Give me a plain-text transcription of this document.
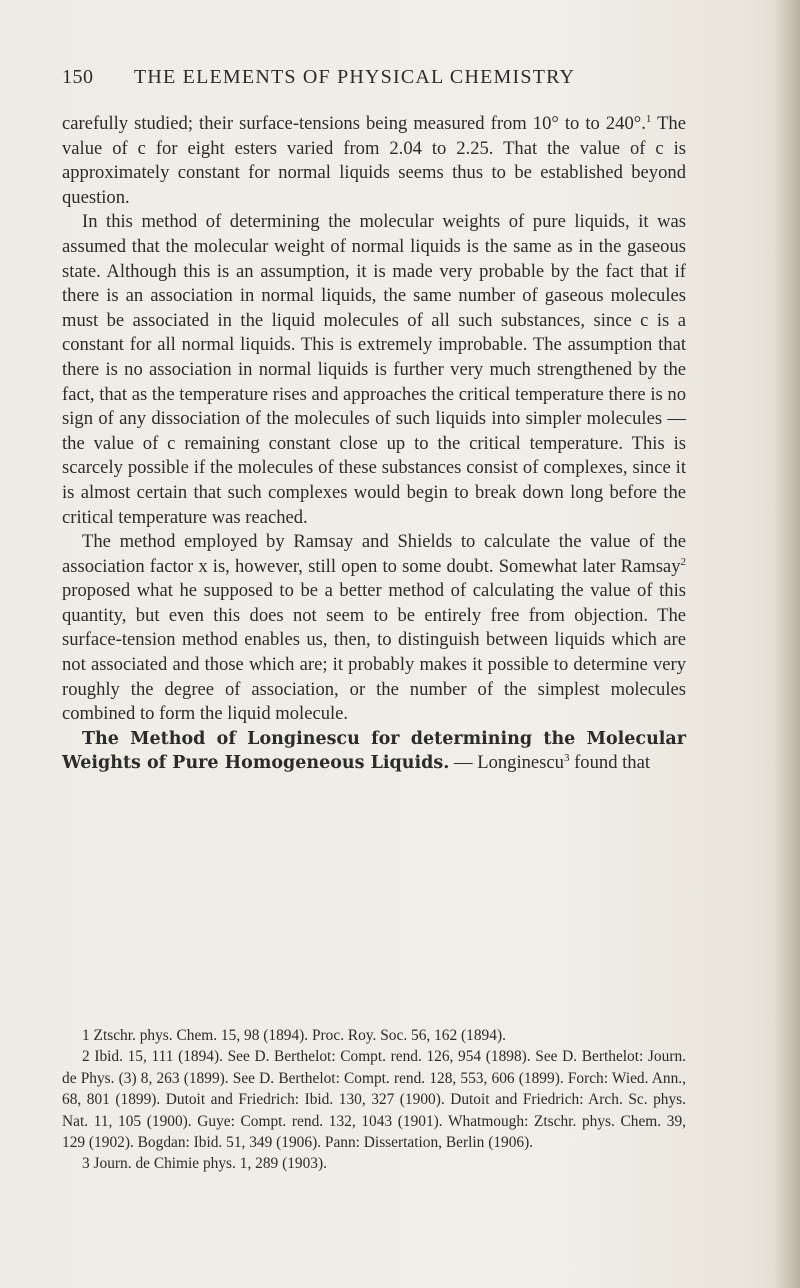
150 THE ELEMENTS OF PHYSICAL CHEMISTRY

carefully studied; their surface-tensions being measured from 10° to to 240°.$^1$ The value of c for eight esters varied from 2.04 to 2.25. That the value of c is approximately constant for normal liquids seems thus to be established beyond question.

In this method of determining the molecular weights of pure liquids, it was assumed that the molecular weight of normal liquids is the same as in the gaseous state. Although this is an assumption, it is made very probable by the fact that if there is an association in normal liquids, the same number of gaseous molecules must be associated in the liquid molecules of all such substances, since c is a constant for all normal liquids. This is extremely improbable. The assumption that there is no association in normal liquids is further very much strengthened by the fact, that as the temperature rises and approaches the critical temperature there is no sign of any dissociation of the molecules of such liquids into simpler molecules — the value of c remaining constant close up to the critical temperature. This is scarcely possible if the molecules of these substances consist of complexes, since it is almost certain that such complexes would begin to break down long before the critical temperature was reached.

The method employed by Ramsay and Shields to calculate the value of the association factor x is, however, still open to some doubt. Somewhat later Ramsay$^2$ proposed what he supposed to be a better method of calculating the value of this quantity, but even this does not seem to be entirely free from objection. The surface-tension method enables us, then, to distinguish between liquids which are not associated and those which are; it probably makes it possible to determine very roughly the degree of association, or the number of the simplest molecules combined to form the liquid molecule.

The Method of Longinescu for determining the Molecular Weights of Pure Homogeneous Liquids. — Longinescu$^3$ found that

1 Ztschr. phys. Chem. 15, 98 (1894). Proc. Roy. Soc. 56, 162 (1894).

2 Ibid. 15, 111 (1894). See D. Berthelot: Compt. rend. 126, 954 (1898). See D. Berthelot: Journ. de Phys. (3) 8, 263 (1899). See D. Berthelot: Compt. rend. 128, 553, 606 (1899). Forch: Wied. Ann., 68, 801 (1899). Dutoit and Friedrich: Ibid. 130, 327 (1900). Dutoit and Friedrich: Arch. Sc. phys. Nat. 11, 105 (1900). Guye: Compt. rend. 132, 1043 (1901). Whatmough: Ztschr. phys. Chem. 39, 129 (1902). Bogdan: Ibid. 51, 349 (1906). Pann: Dissertation, Berlin (1906).

3 Journ. de Chimie phys. 1, 289 (1903).
